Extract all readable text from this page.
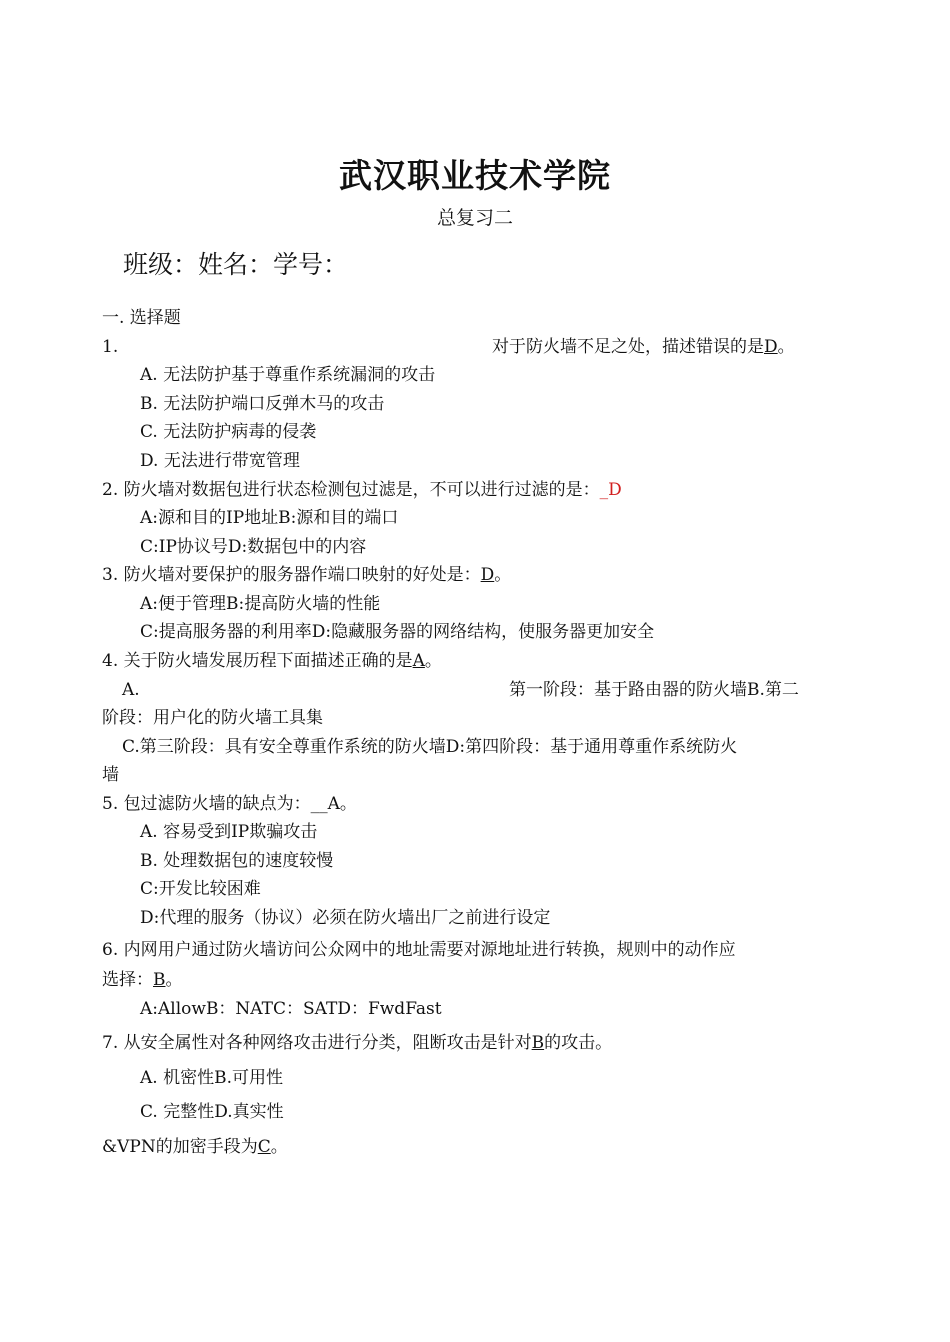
武汉职业技术学院
总复习二
班级：姓名：学号：
一. 选择题
1.	对于防火墙不足之处，描述错误的是D。
A. 无法防护基于尊重作系统漏洞的攻击
B. 无法防护端口反弹木马的攻击
C. 无法防护病毒的侵袭
D. 无法进行带宽管理
2. 防火墙对数据包进行状态检测包过滤是，不可以进行过滤的是：_D
A:源和目的IP地址B:源和目的端口
C:IP协议号D:数据包中的内容
3. 防火墙对要保护的服务器作端口映射的好处是：D。
A:便于管理B:提高防火墙的性能
C:提高服务器的利用率D:隐藏服务器的网络结构，使服务器更加安全
4. 关于防火墙发展历程下面描述正确的是A。
A.	第一阶段：基于路由器的防火墙B.第二
阶段：用户化的防火墙工具集
C.第三阶段：具有安全尊重作系统的防火墙D:第四阶段：基于通用尊重作系统防火
墙
5. 包过滤防火墙的缺点为：__A。
A. 容易受到IP欺骗攻击
B. 处理数据包的速度较慢
C:开发比较困难
D:代理的服务（协议）必须在防火墙出厂之前进行设定
6. 内网用户通过防火墙访问公众网中的地址需要对源地址进行转换，规则中的动作应
选择：B。
A:AllowB：NATC：SATD：FwdFast
7. 从安全属性对各种网络攻击进行分类，阻断攻击是针对B的攻击。
A. 机密性B.可用性
C. 完整性D.真实性
&VPN的加密手段为C。
